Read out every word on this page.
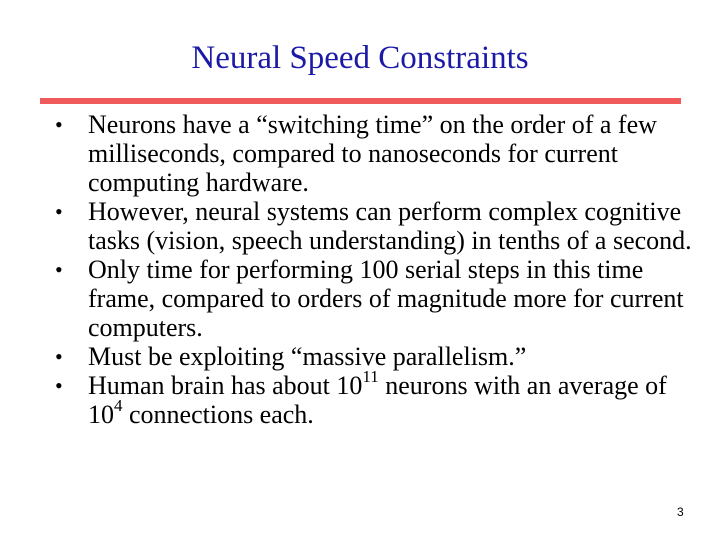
Neural Speed Constraints
• Neurons have a “switching time” on the order of a few milliseconds, compared to nanoseconds for current computing hardware.
• However, neural systems can perform complex cognitive tasks (vision, speech understanding) in tenths of a second.
• Only time for performing 100 serial steps in this time frame, compared to orders of magnitude more for current computers.
• Must be exploiting “massive parallelism.”
• Human brain has about $10^{11}$ neurons with an average of $10^4$ connections each.
3
